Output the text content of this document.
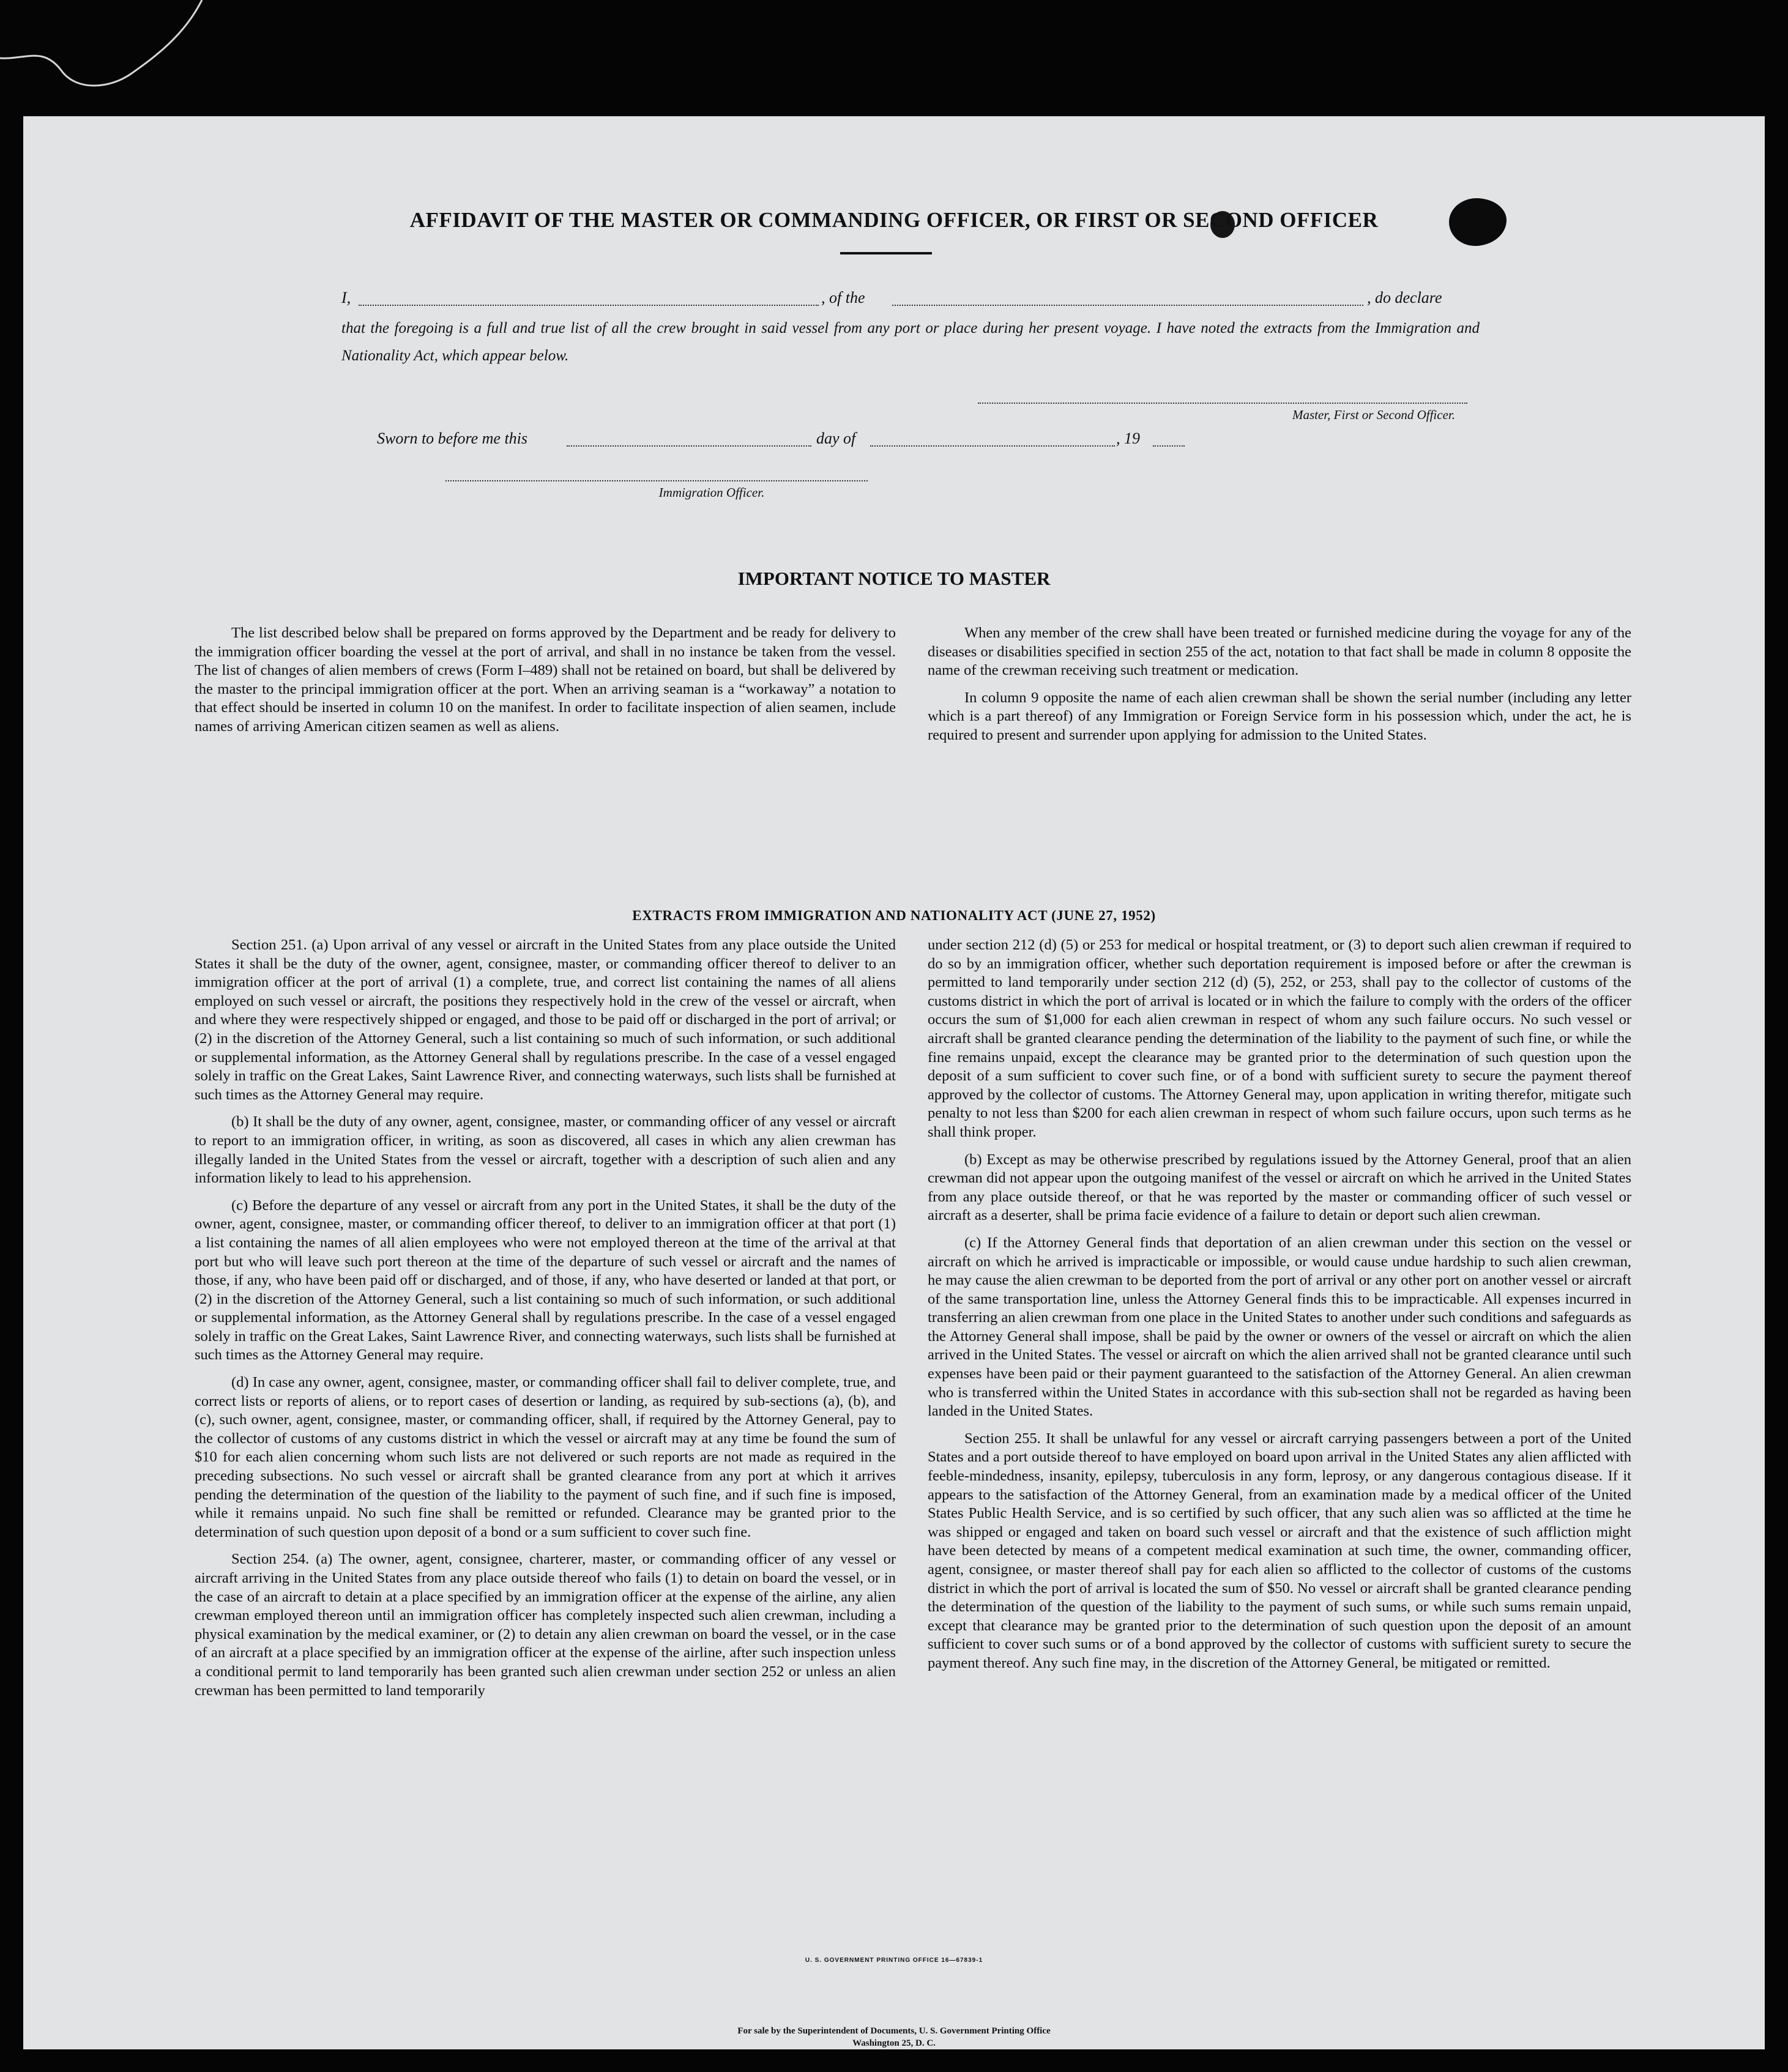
AFFIDAVIT OF THE MASTER OR COMMANDING OFFICER, OR FIRST OR SECOND OFFICER
I,	, of the	, do declare

that the foregoing is a full and true list of all the crew brought in said vessel from any port or place during her present voyage. I have noted the extracts from the Immigration and Nationality Act, which appear below.

Master, First or Second Officer.
Sworn to before me this	day of	, 19
Immigration Officer.
IMPORTANT NOTICE TO MASTER

The list described below shall be prepared on forms approved by the Department and be ready for delivery to the immigration officer boarding the vessel at the port of arrival, and shall in no instance be taken from the vessel. The list of changes of alien members of crews (Form I–489) shall not be retained on board, but shall be delivered by the master to the principal immigration officer at the port. When an arriving seaman is a “workaway” a notation to that effect should be inserted in column 10 on the manifest. In order to facilitate inspection of alien seamen, include names of arriving American citizen seamen as well as aliens.

When any member of the crew shall have been treated or furnished medicine during the voyage for any of the diseases or disabilities specified in section 255 of the act, notation to that fact shall be made in column 8 opposite the name of the crewman receiving such treatment or medication.

In column 9 opposite the name of each alien crewman shall be shown the serial number (including any letter which is a part thereof) of any Immigration or Foreign Service form in his possession which, under the act, he is required to present and surrender upon applying for admission to the United States.

EXTRACTS FROM IMMIGRATION AND NATIONALITY ACT (JUNE 27, 1952)

Section 251. (a) Upon arrival of any vessel or aircraft in the United States from any place outside the United States it shall be the duty of the owner, agent, consignee, master, or commanding officer thereof to deliver to an immigration officer at the port of arrival (1) a complete, true, and correct list containing the names of all aliens employed on such vessel or aircraft, the positions they respectively hold in the crew of the vessel or aircraft, when and where they were respectively shipped or engaged, and those to be paid off or discharged in the port of arrival; or (2) in the discretion of the Attorney General, such a list containing so much of such information, or such additional or supplemental information, as the Attorney General shall by regulations prescribe. In the case of a vessel engaged solely in traffic on the Great Lakes, Saint Lawrence River, and connecting waterways, such lists shall be furnished at such times as the Attorney General may require.

(b) It shall be the duty of any owner, agent, consignee, master, or commanding officer of any vessel or aircraft to report to an immigration officer, in writing, as soon as discovered, all cases in which any alien crewman has illegally landed in the United States from the vessel or aircraft, together with a description of such alien and any information likely to lead to his apprehension.

(c) Before the departure of any vessel or aircraft from any port in the United States, it shall be the duty of the owner, agent, consignee, master, or commanding officer thereof, to deliver to an immigration officer at that port (1) a list containing the names of all alien employees who were not employed thereon at the time of the arrival at that port but who will leave such port thereon at the time of the departure of such vessel or aircraft and the names of those, if any, who have been paid off or discharged, and of those, if any, who have deserted or landed at that port, or (2) in the discretion of the Attorney General, such a list containing so much of such information, or such additional or supplemental information, as the Attorney General shall by regulations prescribe. In the case of a vessel engaged solely in traffic on the Great Lakes, Saint Lawrence River, and connecting waterways, such lists shall be furnished at such times as the Attorney General may require.

(d) In case any owner, agent, consignee, master, or commanding officer shall fail to deliver complete, true, and correct lists or reports of aliens, or to report cases of desertion or landing, as required by sub-sections (a), (b), and (c), such owner, agent, consignee, master, or commanding officer, shall, if required by the Attorney General, pay to the collector of customs of any customs district in which the vessel or aircraft may at any time be found the sum of $10 for each alien concerning whom such lists are not delivered or such reports are not made as required in the preceding subsections. No such vessel or aircraft shall be granted clearance from any port at which it arrives pending the determination of the question of the liability to the payment of such fine, and if such fine is imposed, while it remains unpaid. No such fine shall be remitted or refunded. Clearance may be granted prior to the determination of such question upon deposit of a bond or a sum sufficient to cover such fine.

Section 254. (a) The owner, agent, consignee, charterer, master, or commanding officer of any vessel or aircraft arriving in the United States from any place outside thereof who fails (1) to detain on board the vessel, or in the case of an aircraft to detain at a place specified by an immigration officer at the expense of the airline, any alien crewman employed thereon until an immigration officer has completely inspected such alien crewman, including a physical examination by the medical examiner, or (2) to detain any alien crewman on board the vessel, or in the case of an aircraft at a place specified by an immigration officer at the expense of the airline, after such inspection unless a conditional permit to land temporarily has been granted such alien crewman under section 252 or unless an alien crewman has been permitted to land temporarily

under section 212 (d) (5) or 253 for medical or hospital treatment, or (3) to deport such alien crewman if required to do so by an immigration officer, whether such deportation requirement is imposed before or after the crewman is permitted to land temporarily under section 212 (d) (5), 252, or 253, shall pay to the collector of customs of the customs district in which the port of arrival is located or in which the failure to comply with the orders of the officer occurs the sum of $1,000 for each alien crewman in respect of whom any such failure occurs. No such vessel or aircraft shall be granted clearance pending the determination of the liability to the payment of such fine, or while the fine remains unpaid, except the clearance may be granted prior to the determination of such question upon the deposit of a sum sufficient to cover such fine, or of a bond with sufficient surety to secure the payment thereof approved by the collector of customs. The Attorney General may, upon application in writing therefor, mitigate such penalty to not less than $200 for each alien crewman in respect of whom such failure occurs, upon such terms as he shall think proper.

(b) Except as may be otherwise prescribed by regulations issued by the Attorney General, proof that an alien crewman did not appear upon the outgoing manifest of the vessel or aircraft on which he arrived in the United States from any place outside thereof, or that he was reported by the master or commanding officer of such vessel or aircraft as a deserter, shall be prima facie evidence of a failure to detain or deport such alien crewman.

(c) If the Attorney General finds that deportation of an alien crewman under this section on the vessel or aircraft on which he arrived is impracticable or impossible, or would cause undue hardship to such alien crewman, he may cause the alien crewman to be deported from the port of arrival or any other port on another vessel or aircraft of the same transportation line, unless the Attorney General finds this to be impracticable. All expenses incurred in transferring an alien crewman from one place in the United States to another under such conditions and safeguards as the Attorney General shall impose, shall be paid by the owner or owners of the vessel or aircraft on which the alien arrived in the United States. The vessel or aircraft on which the alien arrived shall not be granted clearance until such expenses have been paid or their payment guaranteed to the satisfaction of the Attorney General. An alien crewman who is transferred within the United States in accordance with this sub-section shall not be regarded as having been landed in the United States.

Section 255. It shall be unlawful for any vessel or aircraft carrying passengers between a port of the United States and a port outside thereof to have employed on board upon arrival in the United States any alien afflicted with feeble-mindedness, insanity, epilepsy, tuberculosis in any form, leprosy, or any dangerous contagious disease. If it appears to the satisfaction of the Attorney General, from an examination made by a medical officer of the United States Public Health Service, and is so certified by such officer, that any such alien was so afflicted at the time he was shipped or engaged and taken on board such vessel or aircraft and that the existence of such affliction might have been detected by means of a competent medical examination at such time, the owner, commanding officer, agent, consignee, or master thereof shall pay for each alien so afflicted to the collector of customs of the customs district in which the port of arrival is located the sum of $50. No vessel or aircraft shall be granted clearance pending the determination of the question of the liability to the payment of such sums, or while such sums remain unpaid, except that clearance may be granted prior to the determination of such question upon the deposit of an amount sufficient to cover such sums or of a bond approved by the collector of customs with sufficient surety to secure the payment thereof. Any such fine may, in the discretion of the Attorney General, be mitigated or remitted.

U. S. GOVERNMENT PRINTING OFFICE 16—67839-1

For sale by the Superintendent of Documents, U. S. Government Printing Office
Washington 25, D. C.
